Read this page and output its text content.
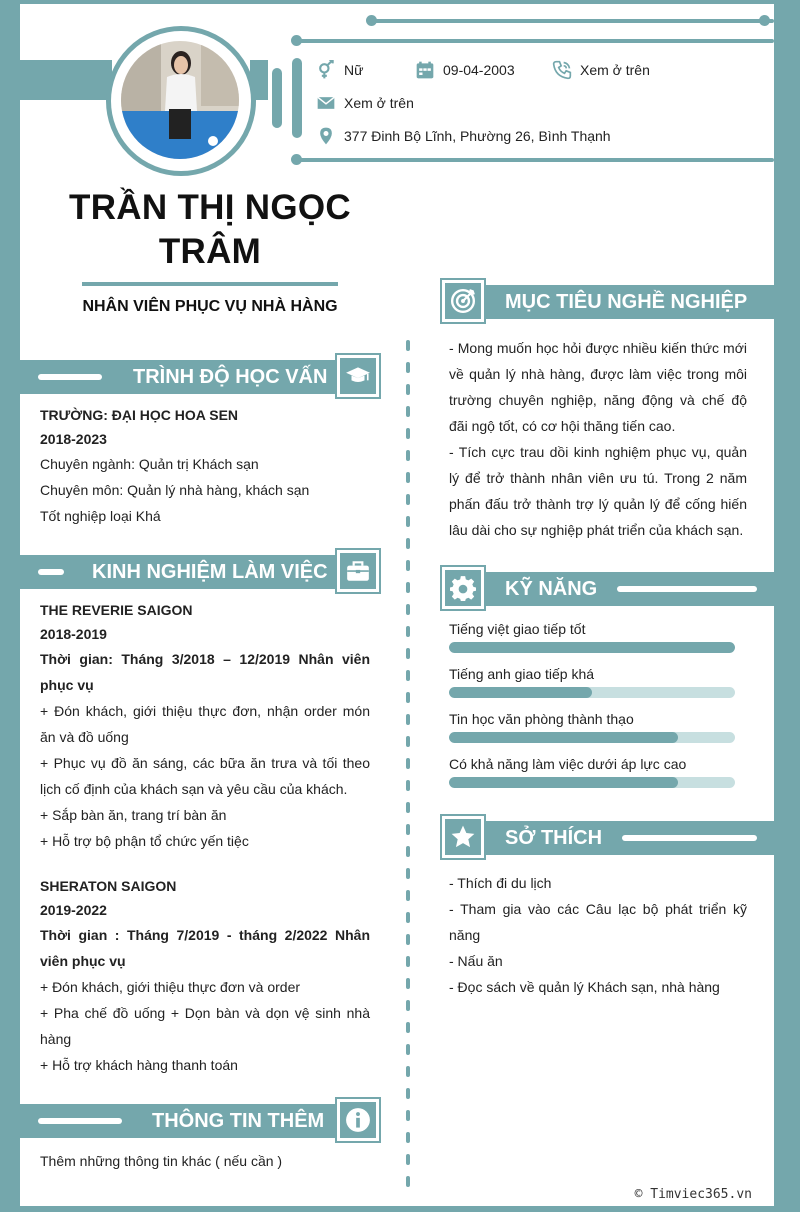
Nữ	09-04-2003	Xem ở trên
Xem ở trên
377 Đinh Bộ Lĩnh, Phường 26, Bình Thạnh
TRẦN THỊ NGỌC TRÂM
NHÂN VIÊN PHỤC VỤ NHÀ HÀNG
TRÌNH ĐỘ HỌC VẤN
TRƯỜNG: ĐẠI HỌC HOA SEN
2018-2023
Chuyên ngành: Quản trị Khách sạn
Chuyên môn: Quản lý nhà hàng, khách sạn
Tốt nghiệp loại Khá
KINH NGHIỆM LÀM VIỆC
THE REVERIE SAIGON
2018-2019
Thời gian: Tháng 3/2018 – 12/2019 Nhân viên phục vụ
+ Đón khách, giới thiệu thực đơn, nhận order món ăn và đồ uống
+ Phục vụ đồ ăn sáng, các bữa ăn trưa và tối theo lịch cố định của khách sạn và yêu cầu của khách.
+ Sắp bàn ăn, trang trí bàn ăn
+ Hỗ trợ bộ phận tổ chức yến tiệc
SHERATON SAIGON
2019-2022
Thời gian : Tháng 7/2019 - tháng 2/2022 Nhân viên phục vụ
+ Đón khách, giới thiệu thực đơn và order
+ Pha chế đồ uống + Dọn bàn và dọn vệ sinh nhà hàng
+ Hỗ trợ khách hàng thanh toán
THÔNG TIN THÊM
Thêm những thông tin khác ( nếu cần )
MỤC TIÊU NGHỀ NGHIỆP
- Mong muốn học hỏi được nhiều kiến thức mới về quản lý nhà hàng, được làm việc trong môi trường chuyên nghiệp, năng động và chế độ đãi ngộ tốt, có cơ hội thăng tiến cao.
- Tích cực trau dồi kinh nghiệm phục vụ, quản lý để trở thành nhân viên ưu tú. Trong 2 năm phấn đấu trở thành trợ lý quản lý để cống hiến lâu dài cho sự nghiệp phát triển của khách sạn.
KỸ NĂNG
Tiếng việt giao tiếp tốt
Tiếng anh giao tiếp khá
Tin học văn phòng thành thạo
Có khả năng làm việc dưới áp lực cao
SỞ THÍCH
- Thích đi du lịch
- Tham gia vào các Câu lạc bộ phát triển kỹ năng
- Nấu ăn
- Đọc sách về quản lý Khách sạn, nhà hàng
© Timviec365.vn
